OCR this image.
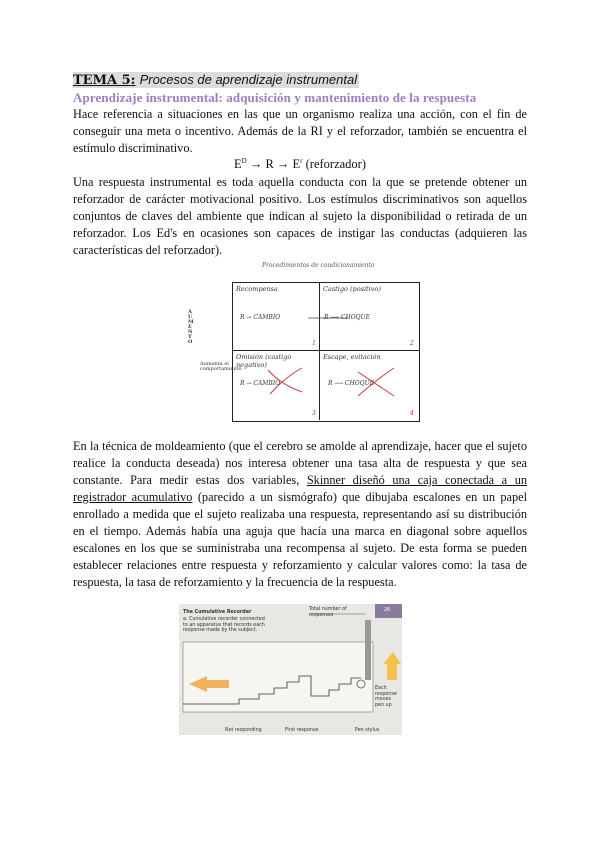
TEMA 5: Procesos de aprendizaje instrumental
Aprendizaje instrumental: adquisición y mantenimiento de la respuesta
Hace referencia a situaciones en las que un organismo realiza una acción, con el fin de conseguir una meta o incentivo. Además de la RI y el reforzador, también se encuentra el estímulo discriminativo.
$E^D \to R \to E^r$ (reforzador)
Una respuesta instrumental es toda aquella conducta con la que se pretende obtener un reforzador de carácter motivacional positivo. Los estímulos discriminativos son aquellos conjuntos de claves del ambiente que indican al sujeto la disponibilidad o retirada de un reforzador. Los Ed's en ocasiones son capaces de instigar las conductas (adquieren las características del reforzador).
Procedimientos de condicionamiento
A
U
M
E
N
T
O
Aumenta el comportamiento
Recompensa
R → CAMBIO
1
Castigo (positivo)
R ⟶ CHOQUE
2
Omisión (castigo negativo)
R → CAMBIO
3
Escape, evitación
R ⟶ CHOQUE
4
En la técnica de moldeamiento (que el cerebro se amolde al aprendizaje, hacer que el sujeto realice la conducta deseada) nos interesa obtener una tasa alta de respuesta y que sea constante. Para medir estas dos variables, Skinner diseñó una caja conectada a un registrador acumulativo (parecido a un sismógrafo) que dibujaba escalones en un papel enrollado a medida que el sujeto realizaba una respuesta, representando así su distribución en el tiempo. Además había una aguja que hacía una marca en diagonal sobre aquellos escalones en los que se suministraba una recompensa al sujeto. De esta forma se pueden establecer relaciones entre respuesta y reforzamiento y calcular valores como: la tasa de respuesta, la tasa de reforzamiento y la frecuencia de la respuesta.
The Cumulative Recorder
a. Cumulative recorder connected to an apparatus that records each response made by the subject.
Total number of responses
26
Not responding	First response	Pen stylus
Each response moves pen up
